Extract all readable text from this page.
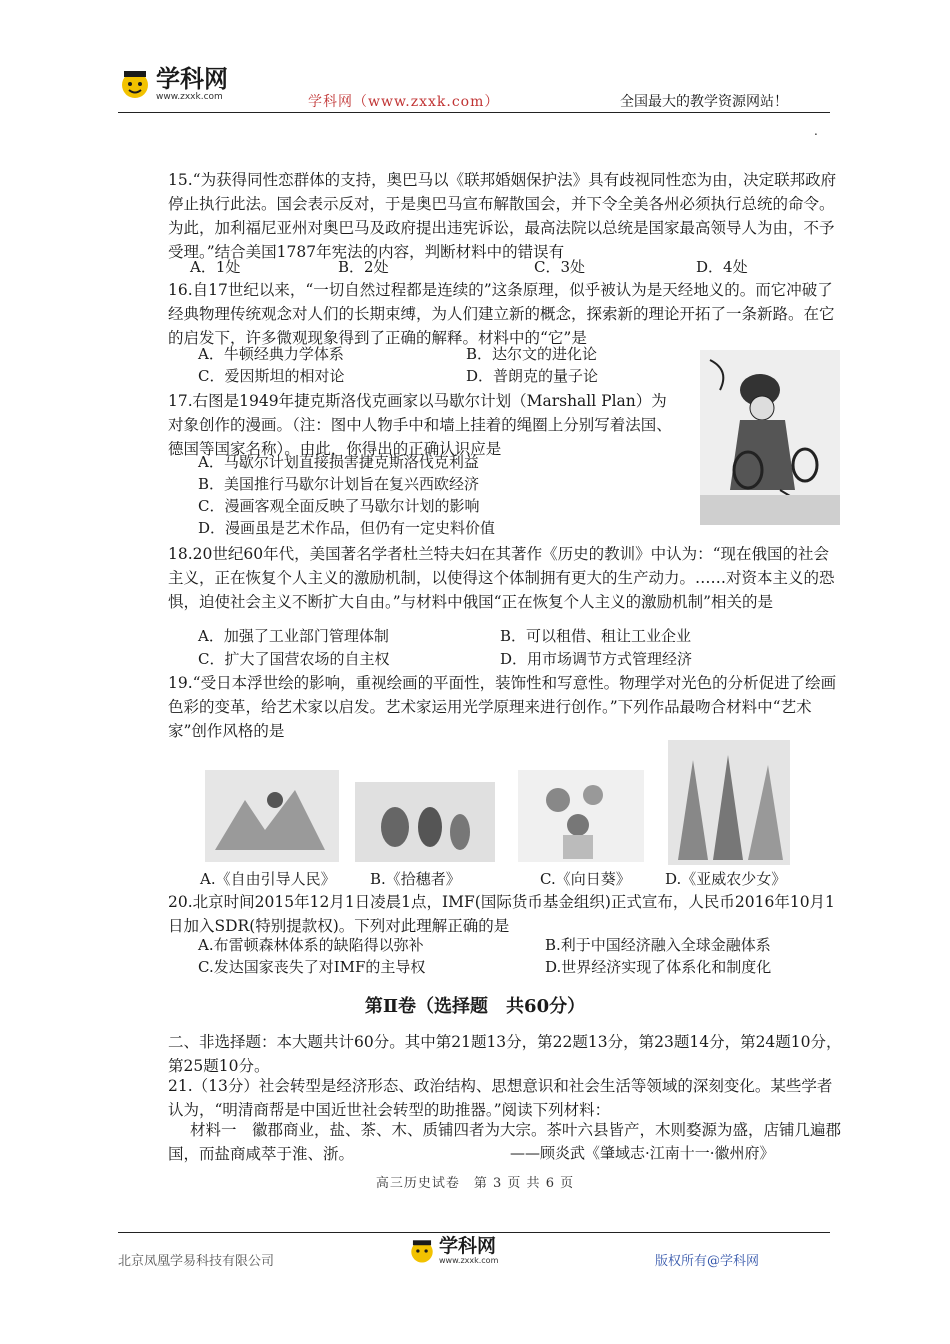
学科网
www.zxxk.com	学科网（www.zxxk.com）	全国最大的教学资源网站！
.
15.“为获得同性恋群体的支持，奥巴马以《联邦婚姻保护法》具有歧视同性恋为由，决定联邦政府停止执行此法。国会表示反对，于是奥巴马宣布解散国会，并下令全美各州必须执行总统的命令。为此，加利福尼亚州对奥巴马及政府提出违宪诉讼，最高法院以总统是国家最高领导人为由，不予受理。”结合美国1787年宪法的内容，判断材料中的错误有
A．1处	B．2处	C．3处	D．4处
16.自17世纪以来，“一切自然过程都是连续的”这条原理，似乎被认为是天经地义的。而它冲破了经典物理传统观念对人们的长期束缚，为人们建立新的概念，探索新的理论开拓了一条新路。在它的启发下，许多微观现象得到了正确的解释。材料中的“它”是
A．牛顿经典力学体系	B．达尔文的进化论
C．爱因斯坦的相对论	D．普朗克的量子论
17.右图是1949年捷克斯洛伐克画家以马歇尔计划（Marshall Plan）为对象创作的漫画。（注：图中人物手中和墙上挂着的绳圈上分别写着法国、德国等国家名称）。由此，你得出的正确认识应是
A．马歇尔计划直接损害捷克斯洛伐克利益
B．美国推行马歇尔计划旨在复兴西欧经济
C．漫画客观全面反映了马歇尔计划的影响
D．漫画虽是艺术作品，但仍有一定史料价值
18.20世纪60年代，美国著名学者杜兰特夫妇在其著作《历史的教训》中认为：“现在俄国的社会主义，正在恢复个人主义的激励机制，以使得这个体制拥有更大的生产动力。……对资本主义的恐惧，迫使社会主义不断扩大自由。”与材料中俄国“正在恢复个人主义的激励机制”相关的是
A．加强了工业部门管理体制	B．可以租借、租让工业企业
C．扩大了国营农场的自主权	D．用市场调节方式管理经济
19.“受日本浮世绘的影响，重视绘画的平面性，装饰性和写意性。物理学对光色的分析促进了绘画色彩的变革，给艺术家以启发。艺术家运用光学原理来进行创作。”下列作品最吻合材料中“艺术家”创作风格的是
A.《自由引导人民》 B.《拾穗者》	C.《向日葵》 D.《亚威农少女》
20.北京时间2015年12月1日凌晨1点，IMF(国际货币基金组织)正式宣布，人民币2016年10月1日加入SDR(特别提款权)。下列对此理解正确的是
A.布雷顿森林体系的缺陷得以弥补	B.利于中国经济融入全球金融体系
C.发达国家丧失了对IMF的主导权	D.世界经济实现了体系化和制度化
第Ⅱ卷（选择题　共60分）
二、非选择题：本大题共计60分。其中第21题13分，第22题13分，第23题14分，第24题10分，第25题10分。
21.（13分）社会转型是经济形态、政治结构、思想意识和社会生活等领域的深刻变化。某些学者认为，“明清商帮是中国近世社会转型的助推器。”阅读下列材料：
材料一　徽郡商业，盐、茶、木、质铺四者为大宗。茶叶六县皆产，木则婺源为盛，店铺几遍郡国，而盐商咸萃于淮、浙。	——顾炎武《肇域志·江南十一·徽州府》
高三历史试卷　第 3 页 共 6 页
北京凤凰学易科技有限公司
学科网
www.zxxk.com	版权所有@学科网
